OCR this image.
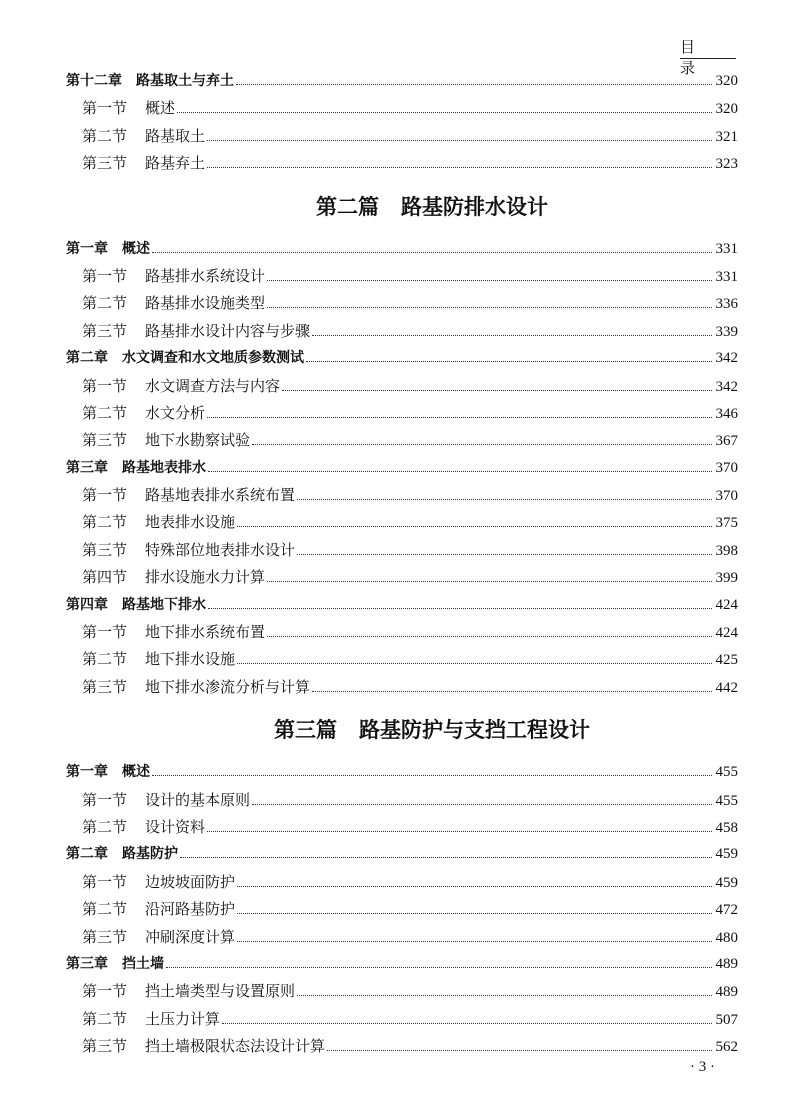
目 录
第十二章 路基取土与弃土	320
第一节 概述	320
第二节 路基取土	321
第三节 路基弃土	323
第二篇 路基防排水设计
第一章 概述	331
第一节 路基排水系统设计	331
第二节 路基排水设施类型	336
第三节 路基排水设计内容与步骤	339
第二章 水文调查和水文地质参数测试	342
第一节 水文调查方法与内容	342
第二节 水文分析	346
第三节 地下水勘察试验	367
第三章 路基地表排水	370
第一节 路基地表排水系统布置	370
第二节 地表排水设施	375
第三节 特殊部位地表排水设计	398
第四节 排水设施水力计算	399
第四章 路基地下排水	424
第一节 地下排水系统布置	424
第二节 地下排水设施	425
第三节 地下排水渗流分析与计算	442
第三篇 路基防护与支挡工程设计
第一章 概述	455
第一节 设计的基本原则	455
第二节 设计资料	458
第二章 路基防护	459
第一节 边坡坡面防护	459
第二节 沿河路基防护	472
第三节 冲刷深度计算	480
第三章 挡土墙	489
第一节 挡土墙类型与设置原则	489
第二节 土压力计算	507
第三节 挡土墙极限状态法设计计算	562
· 3 ·
